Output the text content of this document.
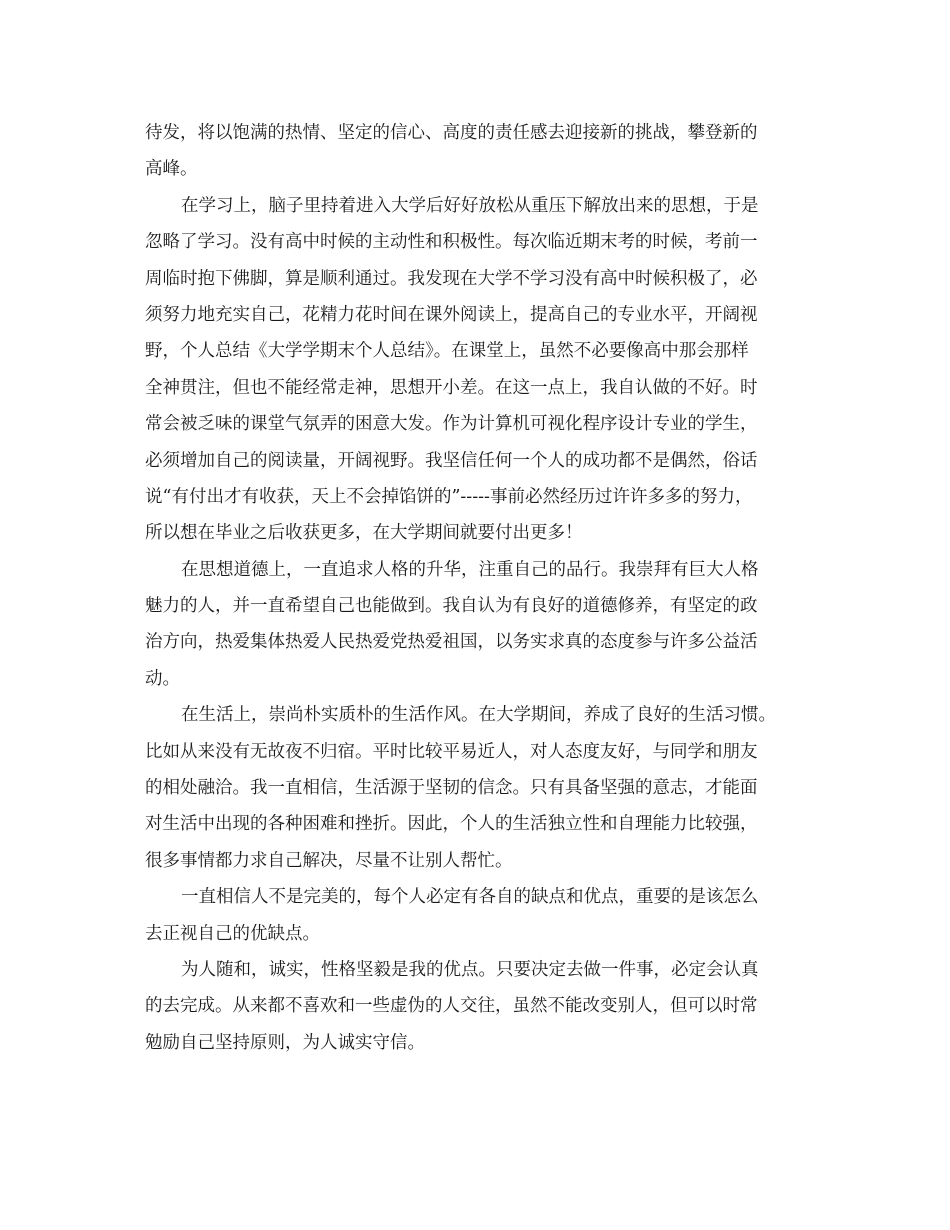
待发，将以饱满的热情、坚定的信心、高度的责任感去迎接新的挑战，攀登新的
高峰。
在学习上，脑子里持着进入大学后好好放松从重压下解放出来的思想，于是
忽略了学习。没有高中时候的主动性和积极性。每次临近期末考的时候，考前一
周临时抱下佛脚，算是顺利通过。我发现在大学不学习没有高中时候积极了，必
须努力地充实自己，花精力花时间在课外阅读上，提高自己的专业水平，开阔视
野，个人总结《大学学期末个人总结》。在课堂上，虽然不必要像高中那会那样
全神贯注，但也不能经常走神，思想开小差。在这一点上，我自认做的不好。时
常会被乏味的课堂气氛弄的困意大发。作为计算机可视化程序设计专业的学生，
必须增加自己的阅读量，开阔视野。我坚信任何一个人的成功都不是偶然，俗话
说“有付出才有收获，天上不会掉馅饼的”-----事前必然经历过许许多多的努力，
所以想在毕业之后收获更多，在大学期间就要付出更多！
在思想道德上，一直追求人格的升华，注重自己的品行。我崇拜有巨大人格
魅力的人，并一直希望自己也能做到。我自认为有良好的道德修养，有坚定的政
治方向，热爱集体热爱人民热爱党热爱祖国，以务实求真的态度参与许多公益活
动。
在生活上，崇尚朴实质朴的生活作风。在大学期间，养成了良好的生活习惯。
比如从来没有无故夜不归宿。平时比较平易近人，对人态度友好，与同学和朋友
的相处融洽。我一直相信，生活源于坚韧的信念。只有具备坚强的意志，才能面
对生活中出现的各种困难和挫折。因此，个人的生活独立性和自理能力比较强，
很多事情都力求自己解决，尽量不让别人帮忙。
一直相信人不是完美的，每个人必定有各自的缺点和优点，重要的是该怎么
去正视自己的优缺点。
为人随和，诚实，性格坚毅是我的优点。只要决定去做一件事，必定会认真
的去完成。从来都不喜欢和一些虚伪的人交往，虽然不能改变别人，但可以时常
勉励自己坚持原则，为人诚实守信。
